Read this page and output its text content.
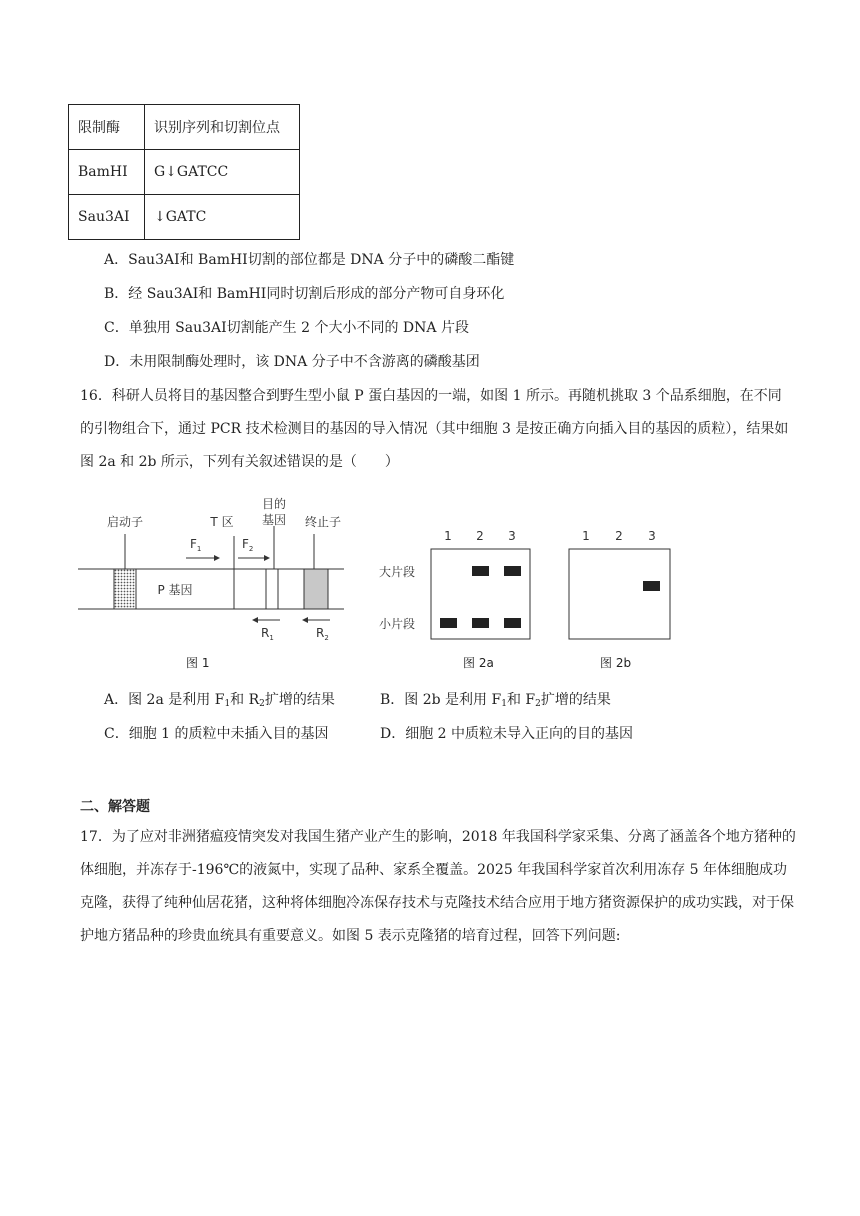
限制酶	识别序列和切割位点
BamHⅠ	G↓GATCC
Sau3AⅠ	↓GATC
A．Sau3AⅠ和 BamHⅠ切割的部位都是 DNA 分子中的磷酸二酯键
B．经 Sau3AⅠ和 BamHⅠ同时切割后形成的部分产物可自身环化
C．单独用 Sau3AⅠ切割能产生 2 个大小不同的 DNA 片段
D．未用限制酶处理时，该 DNA 分子中不含游离的磷酸基团
16．科研人员将目的基因整合到野生型小鼠 P 蛋白基因的一端，如图 1 所示。再随机挑取 3 个品系细胞，在不同的引物组合下，通过 PCR 技术检测目的基因的导入情况（其中细胞 3 是按正确方向插入目的基因的质粒），结果如图 2a 和 2b 所示，下列有关叙述错误的是（　　）
启动子	T 区
目的
基因 终止子
P 基因
$F_1$	$F_2$
$R_1$	$R_2$
图 1
1 2 3
大片段
小片段
图 2a
1 2 3
图 2b
A．图 2a 是利用 $F_1$和 $R_2$扩增的结果	B．图 2b 是利用 $F_1$和 $F_2$扩增的结果
C．细胞 1 的质粒中未插入目的基因	D．细胞 2 中质粒未导入正向的目的基因
二、解答题
17．为了应对非洲猪瘟疫情突发对我国生猪产业产生的影响，2018 年我国科学家采集、分离了涵盖各个地方猪种的体细胞，并冻存于-196℃的液氮中，实现了品种、家系全覆盖。2025 年我国科学家首次利用冻存 5 年体细胞成功克隆，获得了纯种仙居花猪，这种将体细胞冷冻保存技术与克隆技术结合应用于地方猪资源保护的成功实践，对于保护地方猪品种的珍贵血统具有重要意义。如图 5 表示克隆猪的培育过程，回答下列问题:
